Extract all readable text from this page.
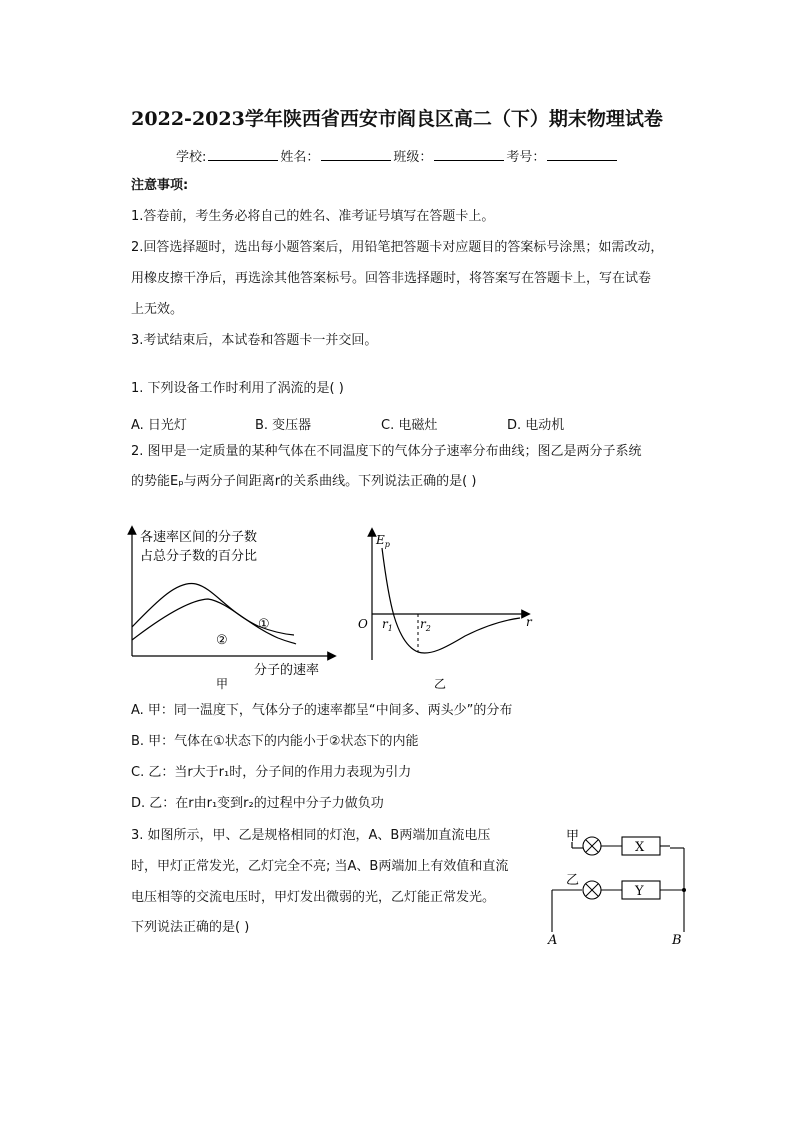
2022-2023学年陕西省西安市阎良区高二（下）期末物理试卷
学校:	姓名：	班级：	考号：
注意事项:
1.答卷前，考生务必将自己的姓名、准考证号填写在答题卡上。
2.回答选择题时，选出每小题答案后，用铅笔把答题卡对应题目的答案标号涂黑；如需改动，
用橡皮擦干净后，再选涂其他答案标号。回答非选择题时，将答案写在答题卡上，写在试卷
上无效。
3.考试结束后，本试卷和答题卡一并交回。
1. 下列设备工作时利用了涡流的是( )
A. 日光灯	B. 变压器	C. 电磁灶	D. 电动机
2. 图甲是一定质量的某种气体在不同温度下的气体分子速率分布曲线；图乙是两分子系统
的势能Eₚ与两分子间距离r的关系曲线。下列说法正确的是( )
各速率区间的分子数
占总分子数的百分比
①
②
分子的速率
甲
$E_p$
O $r_1$ $r_2$	r
乙
A. 甲：同一温度下，气体分子的速率都呈“中间多、两头少”的分布
B. 甲：气体在①状态下的内能小于②状态下的内能
C. 乙：当r大于r₁时，分子间的作用力表现为引力
D. 乙：在r由r₁变到r₂的过程中分子力做负功
3. 如图所示，甲、乙是规格相同的灯泡，A、B两端加直流电压
时，甲灯正常发光，乙灯完全不亮; 当A、B两端加上有效值和直流
电压相等的交流电压时，甲灯发出微弱的光，乙灯能正常发光。
下列说法正确的是( )
甲
乙
X
Y
A	B
